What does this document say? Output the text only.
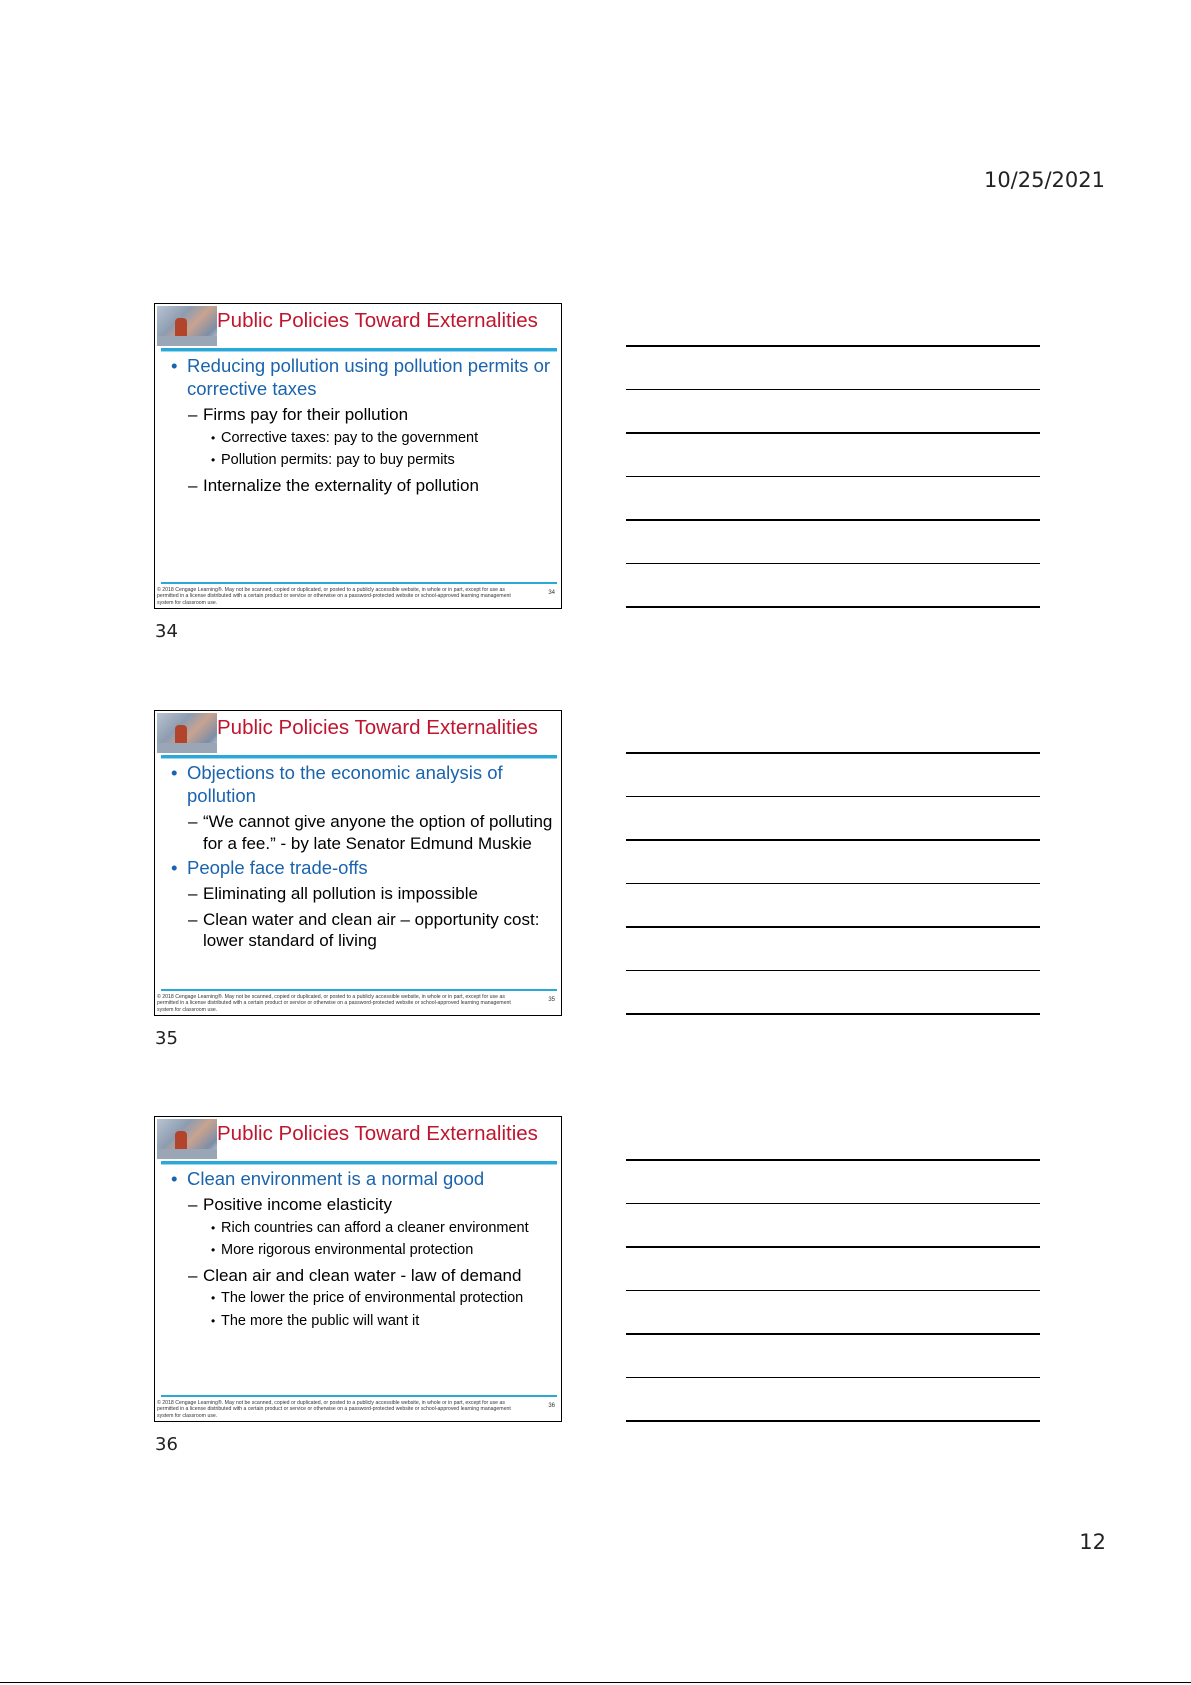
10/25/2021
Public Policies Toward Externalities
• Reducing pollution using pollution permits or corrective taxes
– Firms pay for their pollution
• Corrective taxes: pay to the government
• Pollution permits: pay to buy permits
– Internalize the externality of pollution
© 2018 Cengage Learning®. May not be scanned, copied or duplicated, or posted to a publicly accessible website, in whole or in part, except for use as permitted in a license distributed with a certain product or service or otherwise on a password-protected website or school-approved learning management system for classroom use.
34
34
Public Policies Toward Externalities
• Objections to the economic analysis of pollution
– “We cannot give anyone the option of polluting for a fee.” - by late Senator Edmund Muskie
• People face trade-offs
– Eliminating all pollution is impossible
– Clean water and clean air – opportunity cost: lower standard of living
© 2018 Cengage Learning®. May not be scanned, copied or duplicated, or posted to a publicly accessible website, in whole or in part, except for use as permitted in a license distributed with a certain product or service or otherwise on a password-protected website or school-approved learning management system for classroom use.
35
35
Public Policies Toward Externalities
• Clean environment is a normal good
– Positive income elasticity
• Rich countries can afford a cleaner environment
• More rigorous environmental protection
– Clean air and clean water - law of demand
• The lower the price of environmental protection
• The more the public will want it
© 2018 Cengage Learning®. May not be scanned, copied or duplicated, or posted to a publicly accessible website, in whole or in part, except for use as permitted in a license distributed with a certain product or service or otherwise on a password-protected website or school-approved learning management system for classroom use.
36
36
12
